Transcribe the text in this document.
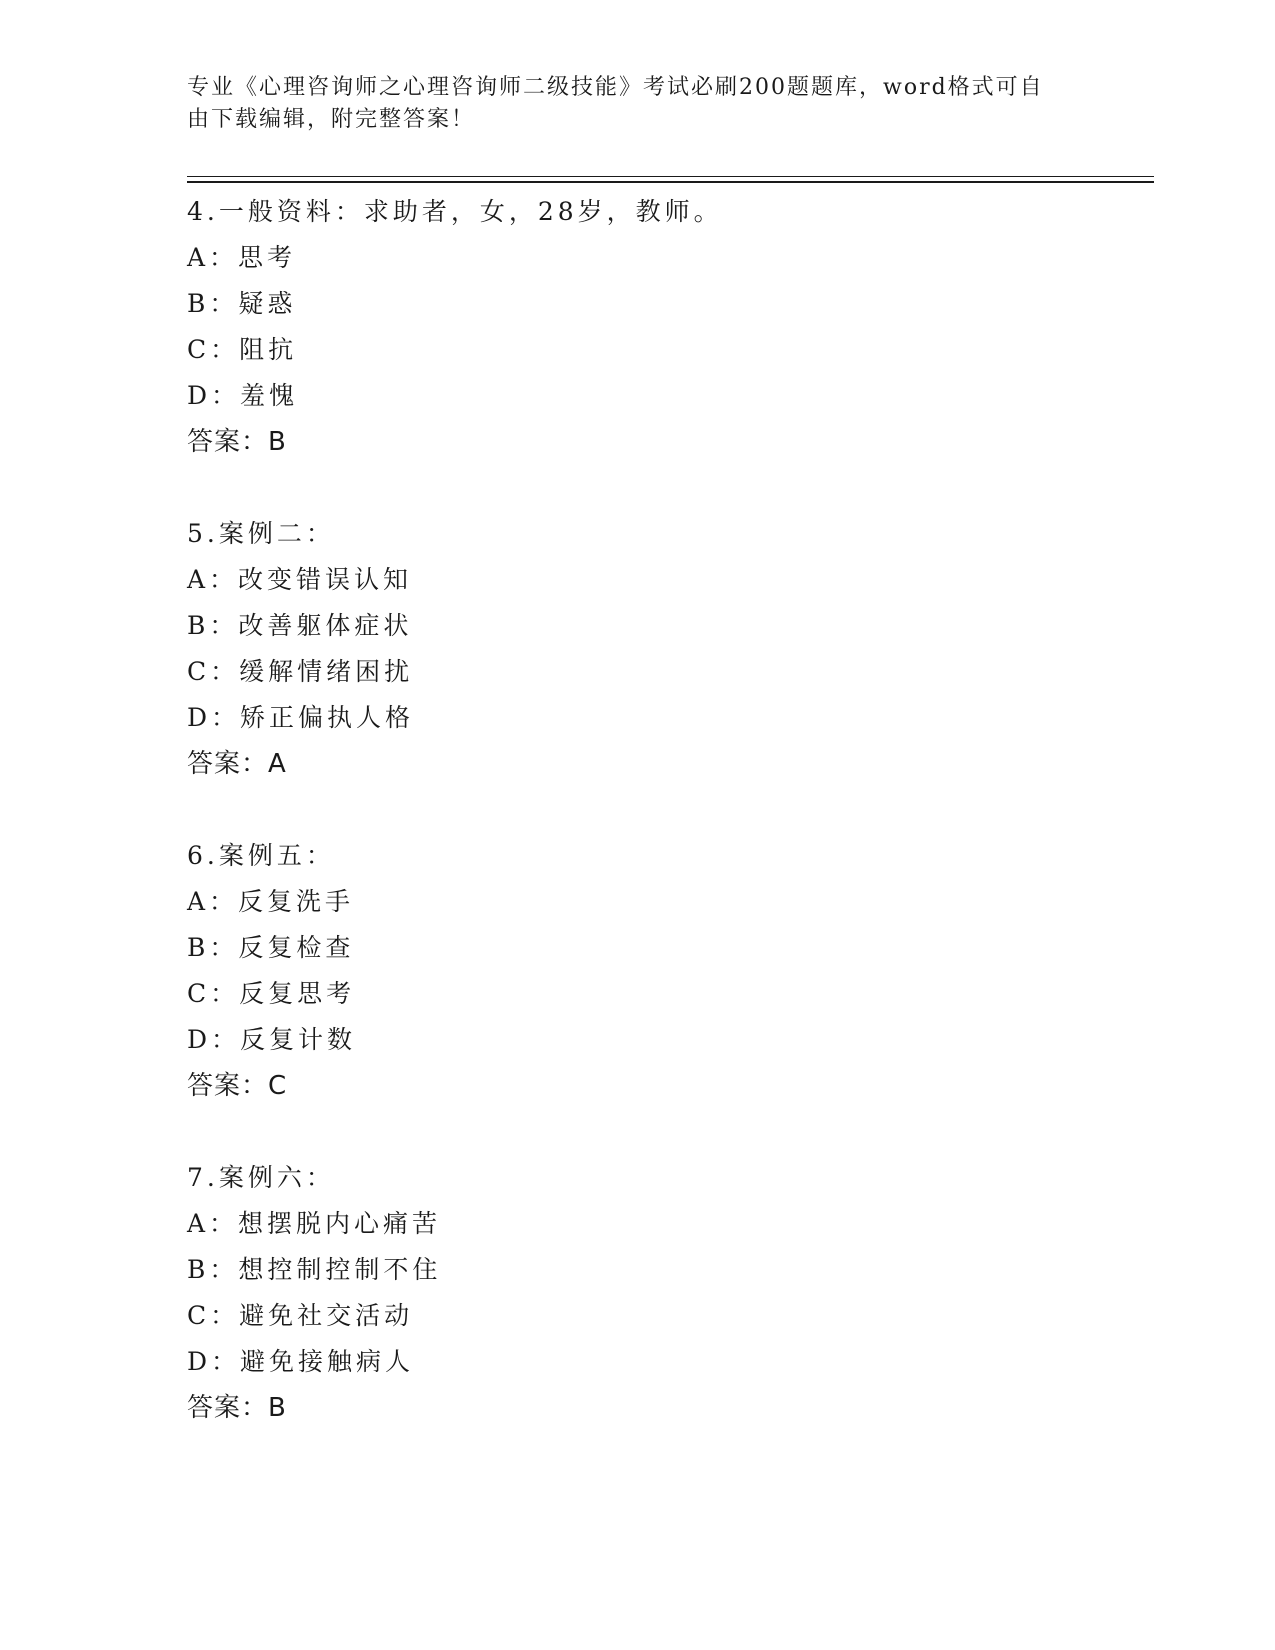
专业《心理咨询师之心理咨询师二级技能》考试必刷200题题库，word格式可自
由下载编辑，附完整答案！
4.一般资料：求助者，女，28岁，教师。
A：思考
B：疑惑
C：阻抗
D：羞愧
答案：B
5.案例二：
A：改变错误认知
B：改善躯体症状
C：缓解情绪困扰
D：矫正偏执人格
答案：A
6.案例五：
A：反复洗手
B：反复检查
C：反复思考
D：反复计数
答案：C
7.案例六：
A：想摆脱内心痛苦
B：想控制控制不住
C：避免社交活动
D：避免接触病人
答案：B
